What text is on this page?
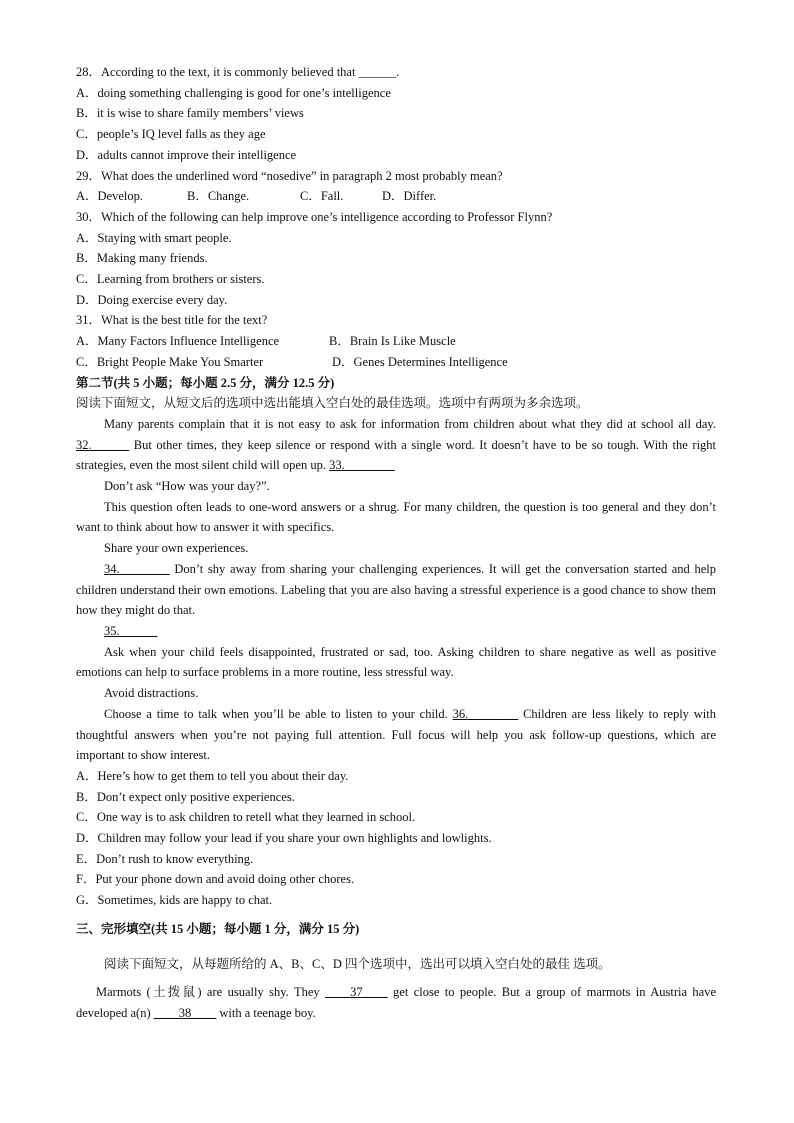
28．According to the text, it is commonly believed that ______.
A．doing something challenging is good for one’s intelligence
B．it is wise to share family members’ views
C．people’s IQ level falls as they age
D．adults cannot improve their intelligence
29．What does the underlined word “nosedive” in paragraph 2 most probably mean?
A．Develop.	B．Change.	C．Fall.	D．Differ.
30．Which of the following can help improve one’s intelligence according to Professor Flynn?
A．Staying with smart people.
B．Making many friends.
C．Learning from brothers or sisters.
D．Doing exercise every day.
31．What is the best title for the text?
A．Many Factors Influence Intelligence	B．Brain Is Like Muscle
C．Bright People Make You Smarter	D．Genes Determines Intelligence
第二节(共 5 小题；每小题 2.5 分，满分 12.5 分)
阅读下面短文，从短文后的选项中选出能填入空白处的最佳选项。选项中有两项为多余选项。
Many parents complain that it is not easy to ask for information from children about what they did at school all day. 32.______ But other times, they keep silence or respond with a single word. It doesn’t have to be so tough. With the right strategies, even the most silent child will open up. 33.________
Don’t ask “How was your day?”.
This question often leads to one-word answers or a shrug. For many children, the question is too general and they don’t want to think about how to answer it with specifics.
Share your own experiences.
34.________ Don’t shy away from sharing your challenging experiences. It will get the conversation started and help children understand their own emotions. Labeling that you are also having a stressful experience is a good chance to show them how they might do that.
35.______
Ask when your child feels disappointed, frustrated or sad, too. Asking children to share negative as well as positive emotions can help to surface problems in a more routine, less stressful way.
Avoid distractions.
Choose a time to talk when you’ll be able to listen to your child. 36.________ Children are less likely to reply with thoughtful answers when you’re not paying full attention. Full focus will help you ask follow-up questions, which are important to show interest.
A．Here’s how to get them to tell you about their day.
B．Don’t expect only positive experiences.
C．One way is to ask children to retell what they learned in school.
D．Children may follow your lead if you share your own highlights and lowlights.
E．Don’t rush to know everything.
F．Put your phone down and avoid doing other chores.
G．Sometimes, kids are happy to chat.
三、完形填空(共 15 小题；每小题 1 分，满分 15 分)
阅读下面短文，从每题所给的 A、B、C、D 四个选项中，选出可以填入空白处的最佳 选项。
Marmots (土拨鼠) are usually shy. They ____37____ get close to people. But a group of marmots in Austria have developed a(n) ____38____ with a teenage boy.
